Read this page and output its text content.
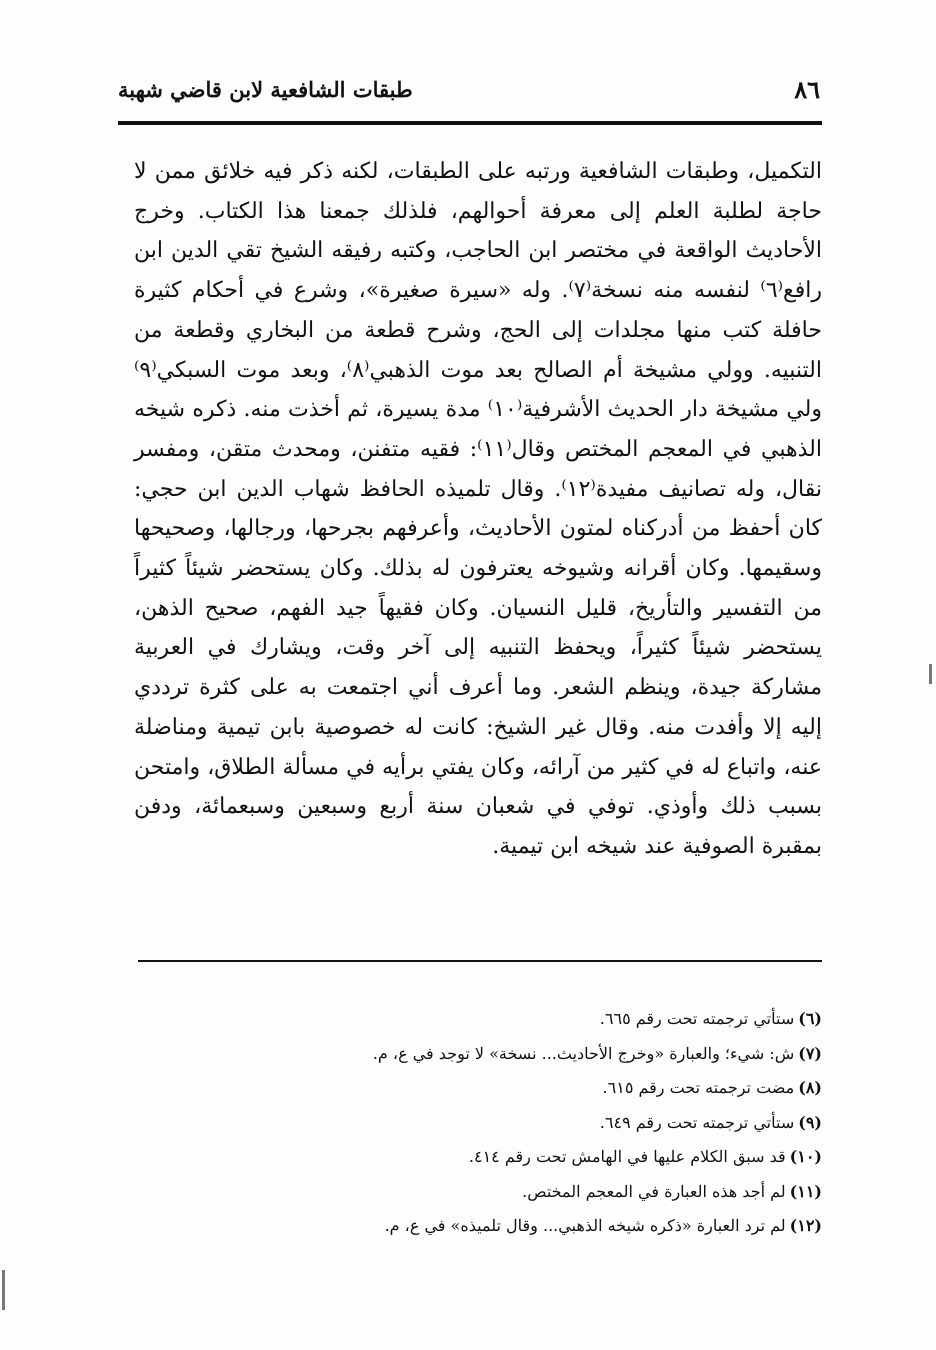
٨٦
طبقات الشافعية لابن قاضي شهبة

التكميل، وطبقات الشافعية ورتبه على الطبقات، لكنه ذكر فيه خلائق ممن لا حاجة لطلبة العلم إلى معرفة أحوالهم، فلذلك جمعنا هذا الكتاب. وخرج الأحاديث الواقعة في مختصر ابن الحاجب، وكتبه رفيقه الشيخ تقي الدين ابن رافع⁽٦⁾ لنفسه منه نسخة⁽٧⁾. وله «سيرة صغيرة»، وشرع في أحكام كثيرة حافلة كتب منها مجلدات إلى الحج، وشرح قطعة من البخاري وقطعة من التنبيه. وولي مشيخة أم الصالح بعد موت الذهبي⁽٨⁾، وبعد موت السبكي⁽٩⁾ ولي مشيخة دار الحديث الأشرفية⁽١٠⁾ مدة يسيرة، ثم أخذت منه. ذكره شيخه الذهبي في المعجم المختص وقال⁽١١⁾: فقيه متفنن، ومحدث متقن، ومفسر نقال، وله تصانيف مفيدة⁽١٢⁾. وقال تلميذه الحافظ شهاب الدين ابن حجي: كان أحفظ من أدركناه لمتون الأحاديث، وأعرفهم بجرحها، ورجالها، وصحيحها وسقيمها. وكان أقرانه وشيوخه يعترفون له بذلك. وكان يستحضر شيئاً كثيراً من التفسير والتأريخ، قليل النسيان. وكان فقيهاً جيد الفهم، صحيح الذهن، يستحضر شيئاً كثيراً، ويحفظ التنبيه إلى آخر وقت، ويشارك في العربية مشاركة جيدة، وينظم الشعر. وما أعرف أني اجتمعت به على كثرة ترددي إليه إلا وأفدت منه. وقال غير الشيخ: كانت له خصوصية بابن تيمية ومناضلة عنه، واتباع له في كثير من آرائه، وكان يفتي برأيه في مسألة الطلاق، وامتحن بسبب ذلك وأوذي. توفي في شعبان سنة أربع وسبعين وسبعمائة، ودفن بمقبرة الصوفية عند شيخه ابن تيمية.

(٦)ستأتي ترجمته تحت رقم ٦٦٥.
(٧)ش: شيء؛ والعبارة «وخرج الأحاديث... نسخة» لا توجد في ع، م.
(٨)مضت ترجمته تحت رقم ٦١٥.
(٩)ستأتي ترجمته تحت رقم ٦٤٩.
(١٠)قد سبق الكلام عليها في الهامش تحت رقم ٤١٤.
(١١)لم أجد هذه العبارة في المعجم المختص.
(١٢)لم ترد العبارة «ذكره شيخه الذهبي... وقال تلميذه» في ع، م.
